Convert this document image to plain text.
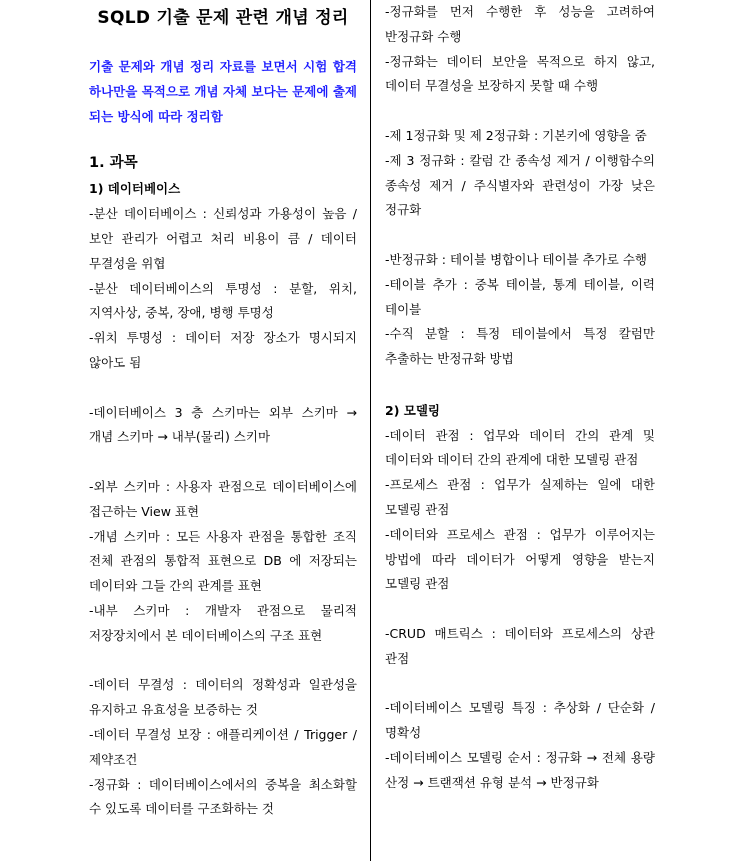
SQLD 기출 문제 관련 개념 정리
기출 문제와 개념 정리 자료를 보면서 시험 합격 하나만을 목적으로 개념 자체 보다는 문제에 출제되는 방식에 따라 정리함
1. 과목
1) 데이터베이스
-분산 데이터베이스 : 신뢰성과 가용성이 높음 / 보안 관리가 어렵고 처리 비용이 큼 / 데이터 무결성을 위협
-분산 데이터베이스의 투명성 : 분할, 위치, 지역사상, 중복, 장애, 병행 투명성
-위치 투명성 : 데이터 저장 장소가 명시되지 않아도 됨
-데이터베이스 3 층 스키마는 외부 스키마 → 개념 스키마 → 내부(물리) 스키마
-외부 스키마 : 사용자 관점으로 데이터베이스에 접근하는 View 표현
-개념 스키마 : 모든 사용자 관점을 통합한 조직 전체 관점의 통합적 표현으로 DB 에 저장되는 데이터와 그들 간의 관계를 표현
-내부 스키마 : 개발자 관점으로 물리적 저장장치에서 본 데이터베이스의 구조 표현
-데이터 무결성 : 데이터의 정확성과 일관성을 유지하고 유효성을 보증하는 것
-데이터 무결성 보장 : 애플리케이션 / Trigger / 제약조건
-정규화 : 데이터베이스에서의 중복을 최소화할 수 있도록 데이터를 구조화하는 것
-정규화를 먼저 수행한 후 성능을 고려하여 반정규화 수행
-정규화는 데이터 보안을 목적으로 하지 않고, 데이터 무결성을 보장하지 못할 때 수행
-제 1정규화 및 제 2정규화 : 기본키에 영향을 줌
-제 3 정규화 : 칼럼 간 종속성 제거 / 이행함수의 종속성 제거 / 주식별자와 관련성이 가장 낮은 정규화
-반정규화 : 테이블 병합이나 테이블 추가로 수행
-테이블 추가 : 중복 테이블, 통계 테이블, 이력 테이블
-수직 분할 : 특정 테이블에서 특정 칼럼만 추출하는 반정규화 방법
2) 모델링
-데이터 관점 : 업무와 데이터 간의 관계 및 데이터와 데이터 간의 관계에 대한 모델링 관점
-프로세스 관점 : 업무가 실제하는 일에 대한 모델링 관점
-데이터와 프로세스 관점 : 업무가 이루어지는 방법에 따라 데이터가 어떻게 영향을 받는지 모델링 관점
-CRUD 매트릭스 : 데이터와 프로세스의 상관 관점
-데이터베이스 모델링 특징 : 추상화 / 단순화 / 명확성
-데이터베이스 모델링 순서 : 정규화 → 전체 용량 산정 → 트랜잭션 유형 분석 → 반정규화
